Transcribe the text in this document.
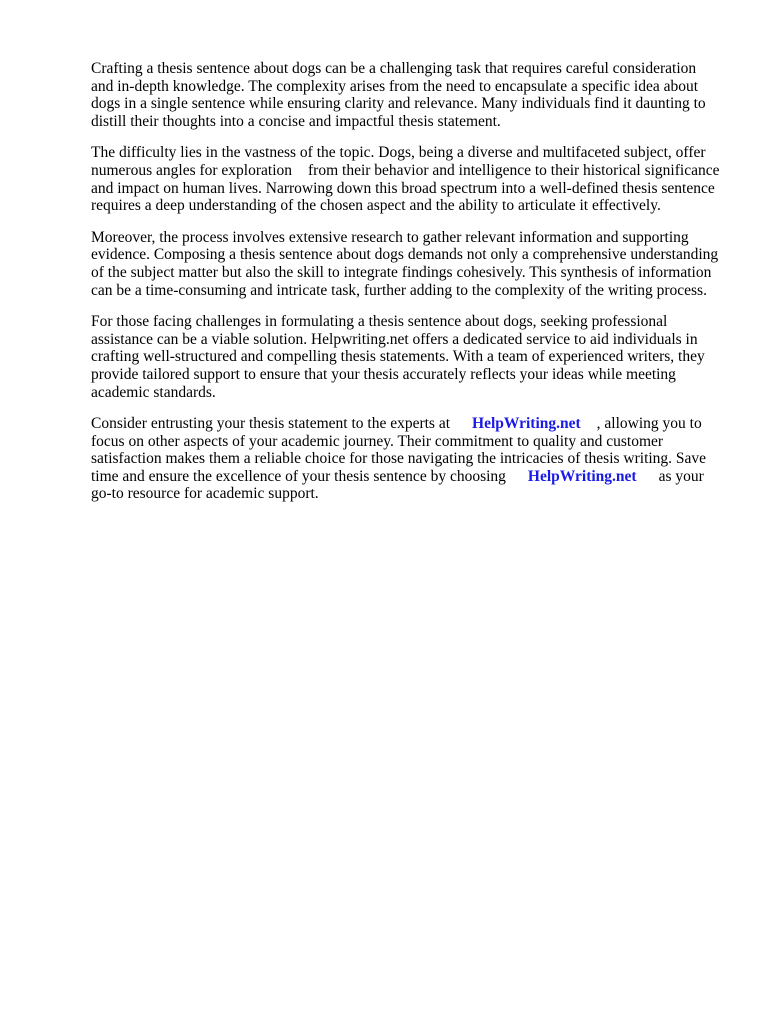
Crafting a thesis sentence about dogs can be a challenging task that requires careful consideration
and in-depth knowledge. The complexity arises from the need to encapsulate a specific idea about
dogs in a single sentence while ensuring clarity and relevance. Many individuals find it daunting to
distill their thoughts into a concise and impactful thesis statement.

The difficulty lies in the vastness of the topic. Dogs, being a diverse and multifaceted subject, offer
numerous angles for exploration from their behavior and intelligence to their historical significance
and impact on human lives. Narrowing down this broad spectrum into a well-defined thesis sentence
requires a deep understanding of the chosen aspect and the ability to articulate it effectively.

Moreover, the process involves extensive research to gather relevant information and supporting
evidence. Composing a thesis sentence about dogs demands not only a comprehensive understanding
of the subject matter but also the skill to integrate findings cohesively. This synthesis of information
can be a time-consuming and intricate task, further adding to the complexity of the writing process.

For those facing challenges in formulating a thesis sentence about dogs, seeking professional
assistance can be a viable solution. Helpwriting.net offers a dedicated service to aid individuals in
crafting well-structured and compelling thesis statements. With a team of experienced writers, they
provide tailored support to ensure that your thesis accurately reflects your ideas while meeting
academic standards.

Consider entrusting your thesis statement to the experts at HelpWriting.net , allowing you to
focus on other aspects of your academic journey. Their commitment to quality and customer
satisfaction makes them a reliable choice for those navigating the intricacies of thesis writing. Save
time and ensure the excellence of your thesis sentence by choosing HelpWriting.net as your
go-to resource for academic support.
